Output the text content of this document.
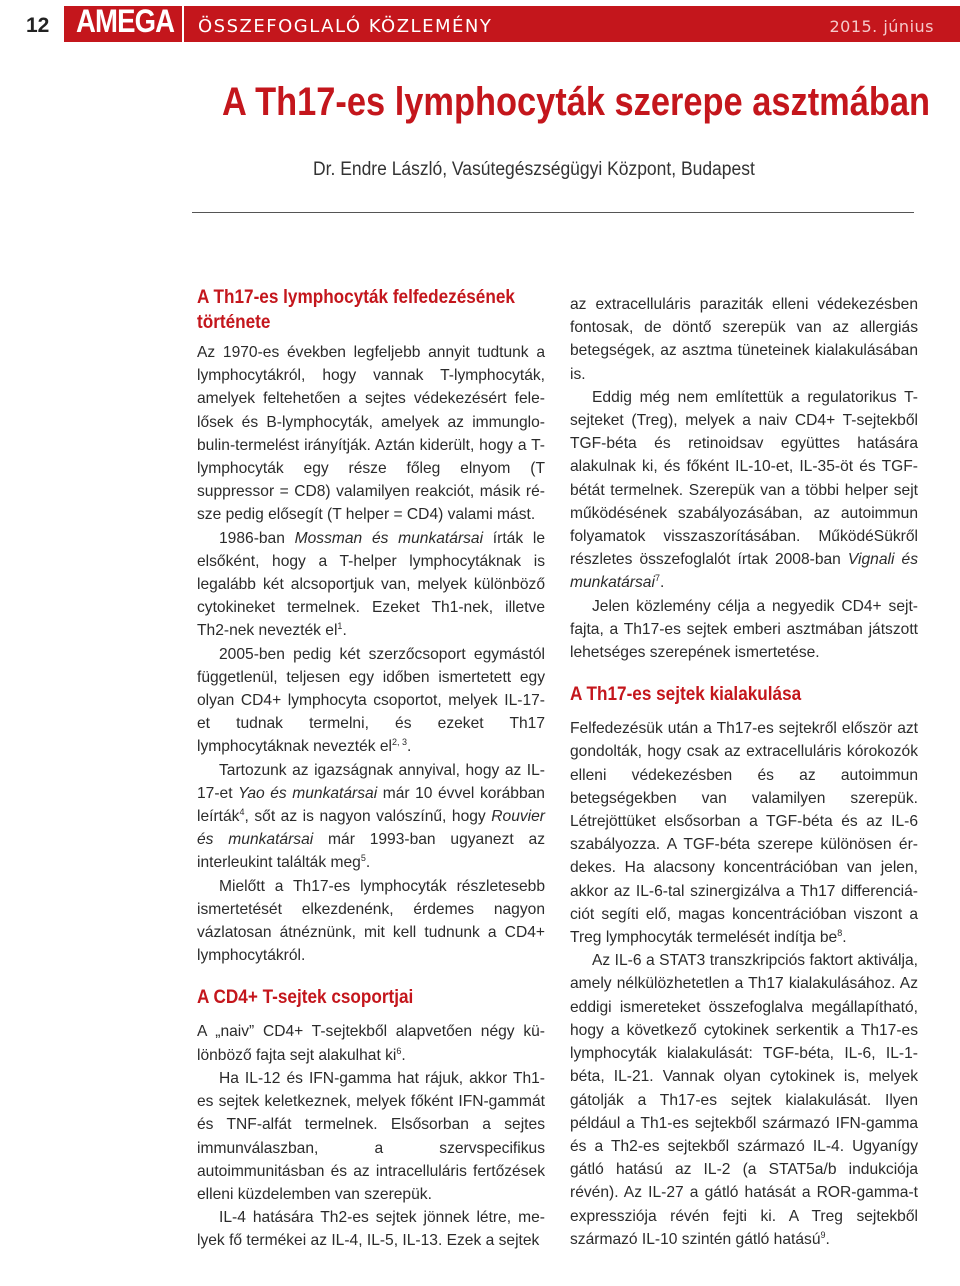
12 AMEGA ÖSSZEFOGLALÓ KÖZLEMÉNY	2015. június
A Th17-es lymphocyták szerepe asztmában
Dr. Endre László, Vasútegészségügyi Központ, Budapest
A Th17-es lymphocyták felfedezésének
története

Az 1970-es években legfeljebb annyit tudtunk a lymphocytákról, hogy vannak T-lymphocyták, amelyek feltehetően a sejtes védekezésért felelősek és B-lymphocyták, amelyek az immunglobulin-termelést irányítják. Aztán kiderült, hogy a T-lymphocyták egy része főleg elnyom (T suppressor = CD8) valamilyen reakciót, másik része pedig elősegít (T helper = CD4) valami mást.

1986-ban Mossman és munkatársai írták le elsőként, hogy a T-helper lymphocytáknak is legalább két alcsoportjuk van, melyek különböző cytokineket termelnek. Ezeket Th1-nek, illetve Th2-nek nevezték $el^1$.

2005-ben pedig két szerzőcsoport egymástól függetlenül, teljesen egy időben ismertetett egy olyan CD4+ lymphocyta csoportot, melyek IL-17-et tudnak termelni, és ezeket Th17 lymphocytáknak nevezték el$^{2, 3}$.

Tartozunk az igazságnak annyival, hogy az IL-17-et Yao és munkatársai már 10 évvel korábban leírták$^4$, sőt az is nagyon valószínű, hogy Rouvier és munkatársai már 1993-ban ugyanezt az interleukint találták meg$^5$.

Mielőtt a Th17-es lymphocyták részletesebb ismertetését elkezdenénk, érdemes nagyon vázlatosan átnéznünk, mit kell tudnunk a CD4+ lymphocytákról.

A CD4+ T-sejtek csoportjai

A „naiv” CD4+ T-sejtekből alapvetően négy különböző fajta sejt alakulhat $ki^6$.

Ha IL-12 és IFN-gamma hat rájuk, akkor Th1-es sejtek keletkeznek, melyek főként IFN-gammát és TNF-alfát termelnek. Elsősorban a sejtes immunválaszban, a szervspecifikus autoimmunitásban és az intracelluláris fertőzések elleni küzdelemben van szerepük.

IL-4 hatására Th2-es sejtek jönnek létre, melyek fő termékei az IL-4, IL-5, IL-13. Ezek a sejtek

az extracelluláris paraziták elleni védekezésben fontosak, de döntő szerepük van az allergiás betegségek, az asztma tüneteinek kialakulásában is.

Eddig még nem említettük a regulatorikus T-sejteket (Treg), melyek a naiv CD4+ T-sejtekből TGF-béta és retinoidsav együttes hatására alakulnak ki, és főként IL-10-et, IL-35-öt és TGF-bétát termelnek. Szerepük van a többi helper sejt működésének szabályozásában, az autoimmun folyamatok visszaszorításában. MűködéSükről részletes összefoglalót írtak 2008-ban Vignali és munkatársai$^7$.

Jelen közlemény célja a negyedik CD4+ sejtfajta, a Th17-es sejtek emberi asztmában játszott lehetséges szerepének ismertetése.

A Th17-es sejtek kialakulása

Felfedezésük után a Th17-es sejtekről először azt gondolták, hogy csak az extracelluláris kórokozók elleni védekezésben és az autoimmun betegségekben van valamilyen szerepük. Létrejöttüket elsősorban a TGF-béta és az IL-6 szabályozza. A TGF-béta szerepe különösen érdekes. Ha alacsony koncentrációban van jelen, akkor az IL-6-tal szinergizálva a Th17 differenciációt segíti elő, magas koncentrációban viszont a Treg lymphocyták termelését indítja $be^8$.

Az IL-6 a STAT3 transzkripciós faktort aktiválja, amely nélkülözhetetlen a Th17 kialakulásához. Az eddigi ismereteket összefoglalva megállapítható, hogy a következő cytokinek serkentik a Th17-es lymphocyták kialakulását: TGF-béta, IL-6, IL-1-béta, IL-21. Vannak olyan cytokinek is, melyek gátolják a Th17-es sejtek kialakulását. Ilyen például a Th1-es sejtekből származó IFN-gamma és a Th2-es sejtekből származó IL-4. Ugyanígy gátló hatású az IL-2 (a STAT5a/b indukciója révén). Az IL-27 a gátló hatását a ROR-gamma-t expressziója révén fejti ki. A Treg sejtekből származó IL-10 szintén gátló hatású$^9$.
